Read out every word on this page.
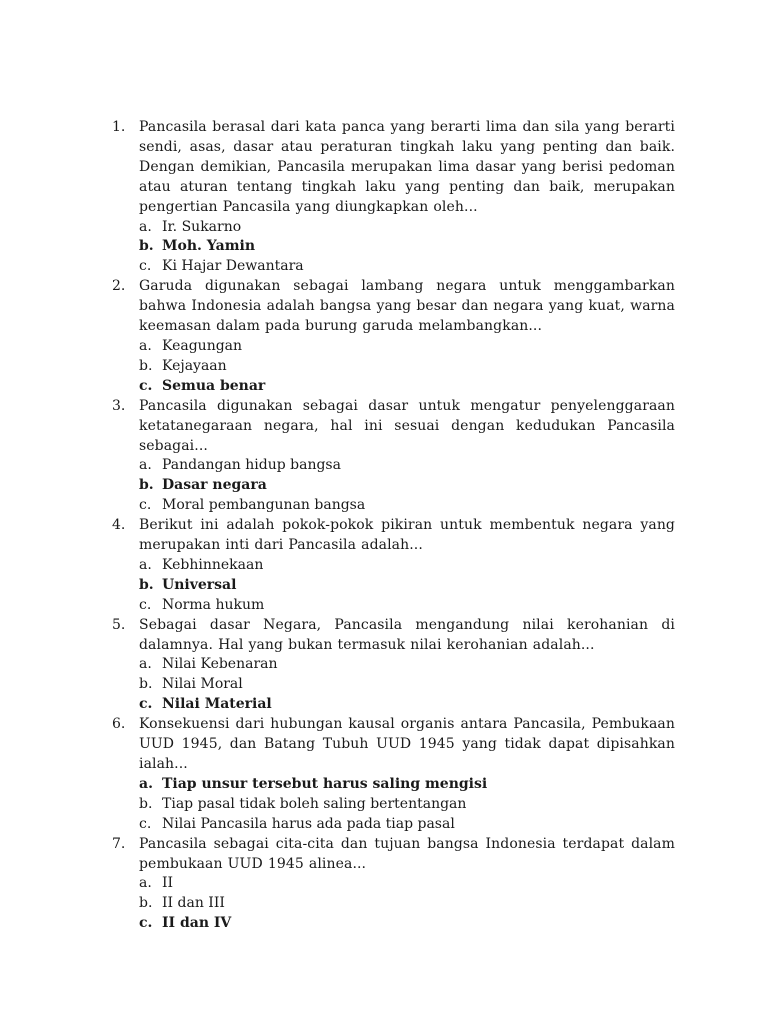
1. Pancasila berasal dari kata panca yang berarti lima dan sila yang berarti sendi, asas, dasar atau peraturan tingkah laku yang penting dan baik. Dengan demikian, Pancasila merupakan lima dasar yang berisi pedoman atau aturan tentang tingkah laku yang penting dan baik, merupakan pengertian Pancasila yang diungkapkan oleh...
a. Ir. Sukarno
b. Moh. Yamin
c. Ki Hajar Dewantara
2. Garuda digunakan sebagai lambang negara untuk menggambarkan bahwa Indonesia adalah bangsa yang besar dan negara yang kuat, warna keemasan dalam pada burung garuda melambangkan...
a. Keagungan
b. Kejayaan
c. Semua benar
3. Pancasila digunakan sebagai dasar untuk mengatur penyelenggaraan ketatanegaraan negara, hal ini sesuai dengan kedudukan Pancasila sebagai...
a. Pandangan hidup bangsa
b. Dasar negara
c. Moral pembangunan bangsa
4. Berikut ini adalah pokok-pokok pikiran untuk membentuk negara yang merupakan inti dari Pancasila adalah...
a. Kebhinnekaan
b. Universal
c. Norma hukum
5. Sebagai dasar Negara, Pancasila mengandung nilai kerohanian di dalamnya. Hal yang bukan termasuk nilai kerohanian adalah...
a. Nilai Kebenaran
b. Nilai Moral
c. Nilai Material
6. Konsekuensi dari hubungan kausal organis antara Pancasila, Pembukaan UUD 1945, dan Batang Tubuh UUD 1945 yang tidak dapat dipisahkan ialah...
a. Tiap unsur tersebut harus saling mengisi
b. Tiap pasal tidak boleh saling bertentangan
c. Nilai Pancasila harus ada pada tiap pasal
7. Pancasila sebagai cita-cita dan tujuan bangsa Indonesia terdapat dalam pembukaan UUD 1945 alinea...
a. II
b. II dan III
c. II dan IV
